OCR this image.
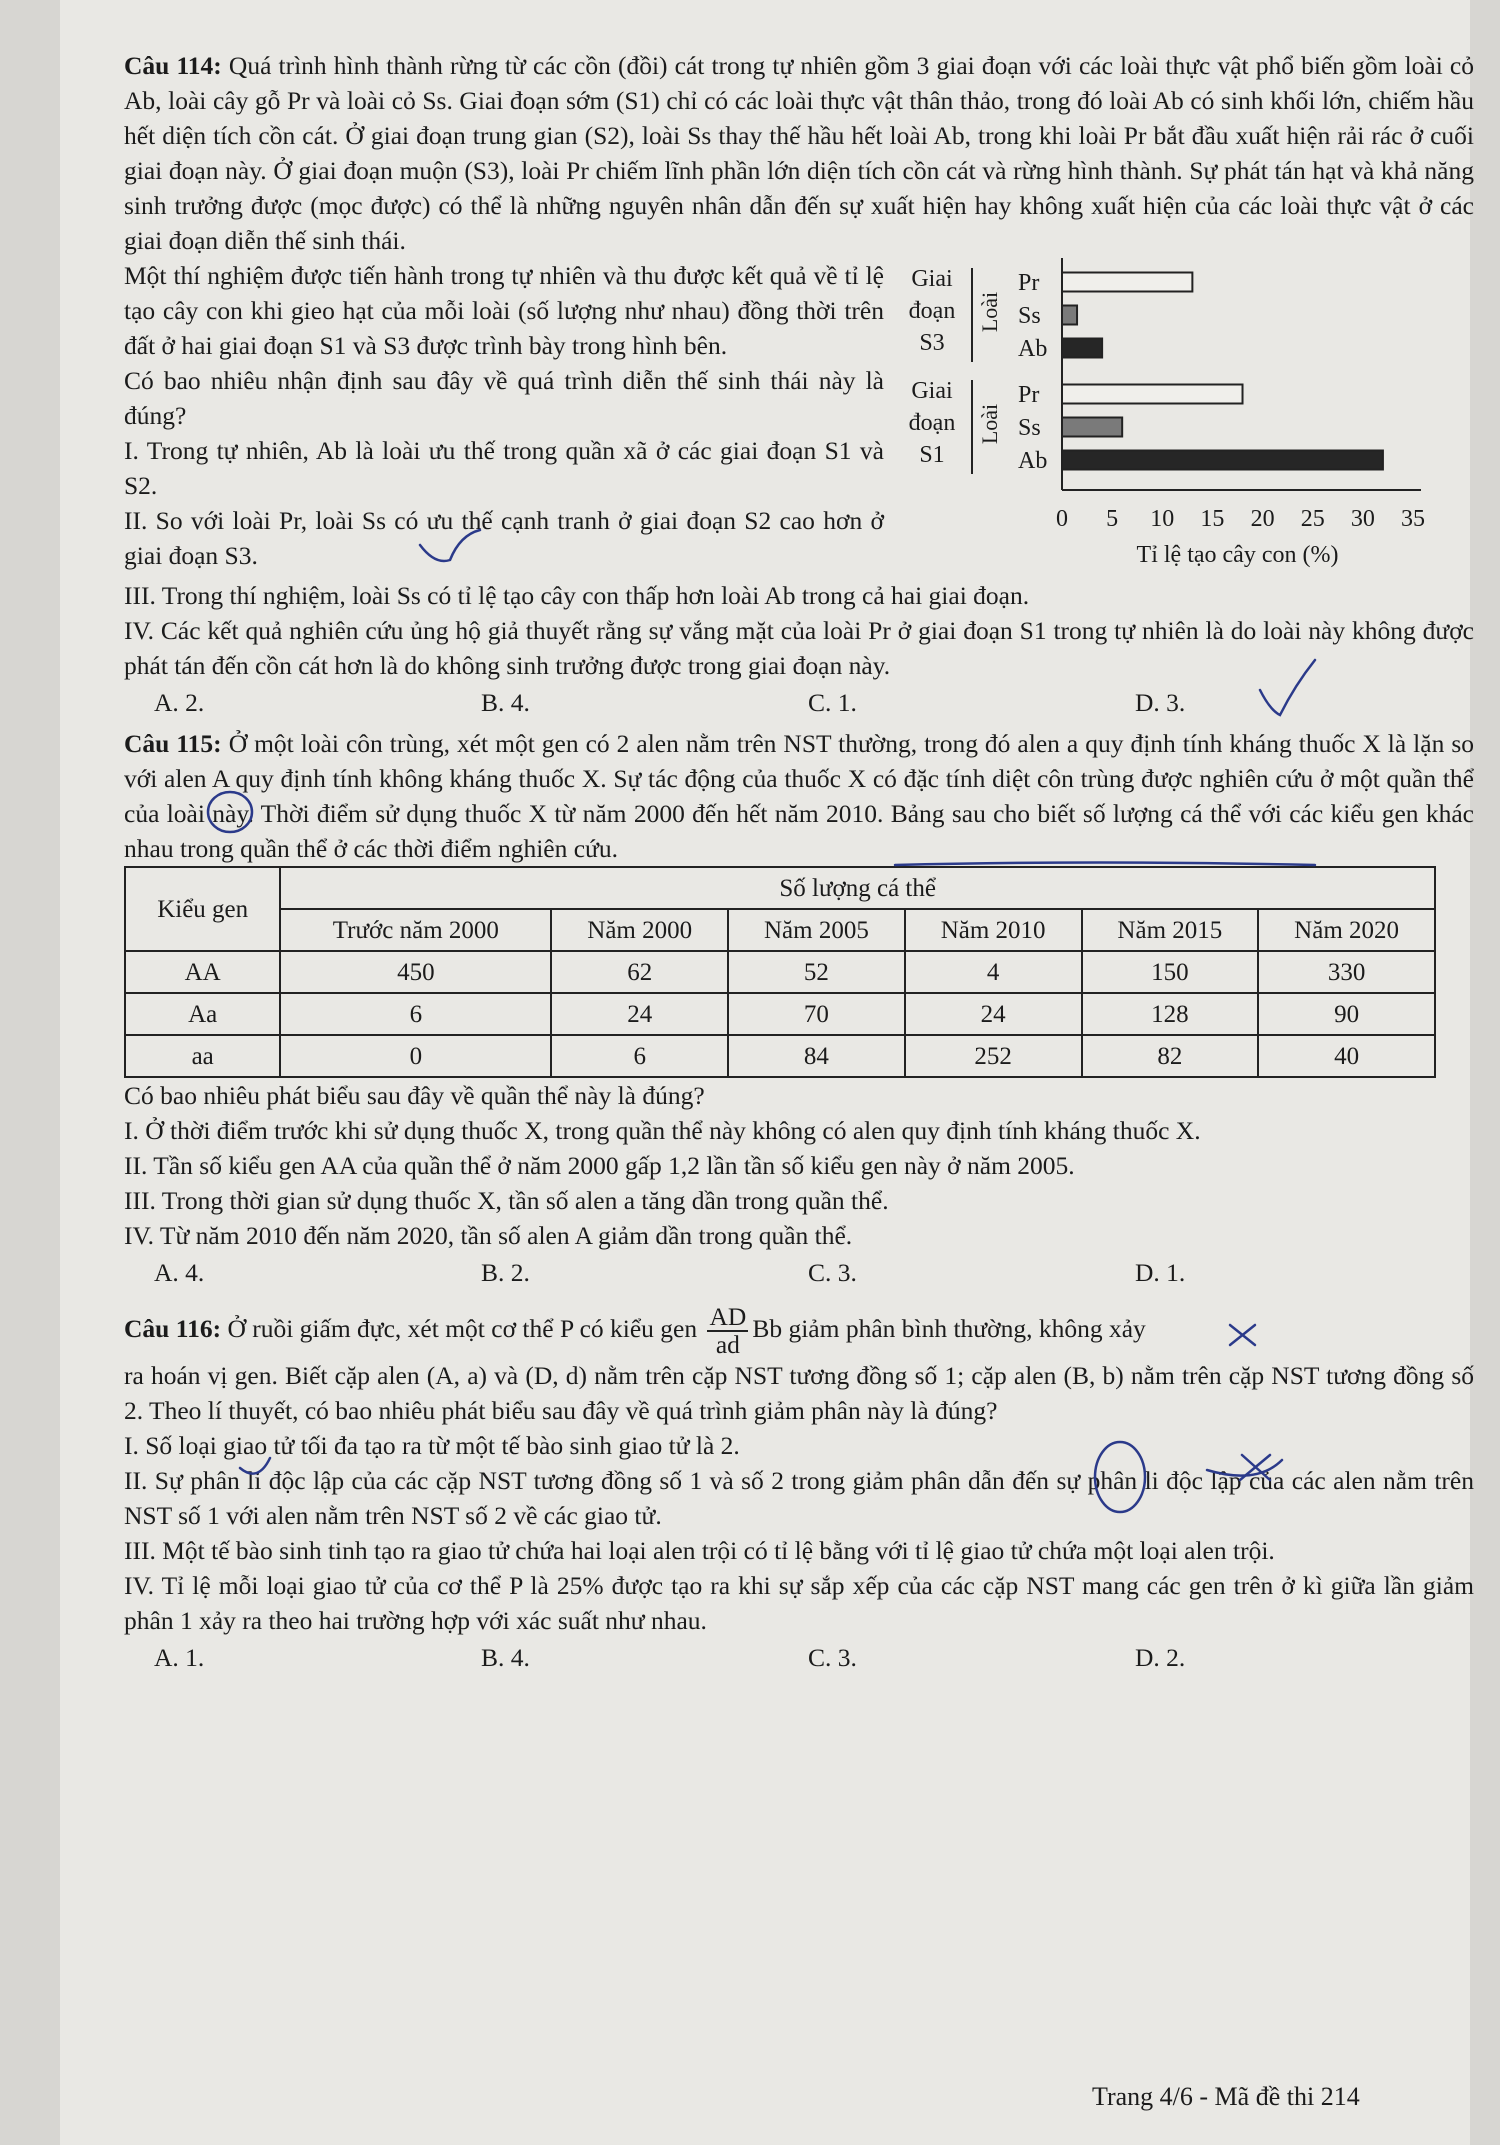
Câu 114: Quá trình hình thành rừng từ các cồn (đồi) cát trong tự nhiên gồm 3 giai đoạn với các loài thực vật phổ biến gồm loài cỏ Ab, loài cây gỗ Pr và loài cỏ Ss. Giai đoạn sớm (S1) chỉ có các loài thực vật thân thảo, trong đó loài Ab có sinh khối lớn, chiếm hầu hết diện tích cồn cát. Ở giai đoạn trung gian (S2), loài Ss thay thế hầu hết loài Ab, trong khi loài Pr bắt đầu xuất hiện rải rác ở cuối giai đoạn này. Ở giai đoạn muộn (S3), loài Pr chiếm lĩnh phần lớn diện tích cồn cát và rừng hình thành. Sự phát tán hạt và khả năng sinh trưởng được (mọc được) có thể là những nguyên nhân dẫn đến sự xuất hiện hay không xuất hiện của các loài thực vật ở các giai đoạn diễn thế sinh thái.

Một thí nghiệm được tiến hành trong tự nhiên và thu được kết quả về tỉ lệ tạo cây con khi gieo hạt của mỗi loài (số lượng như nhau) đồng thời trên đất ở hai giai đoạn S1 và S3 được trình bày trong hình bên.

Có bao nhiêu nhận định sau đây về quá trình diễn thế sinh thái này là đúng?

I. Trong tự nhiên, Ab là loài ưu thế trong quần xã ở các giai đoạn S1 và S2.

II. So với loài Pr, loài Ss có ưu thế cạnh tranh ở giai đoạn S2 cao hơn ở giai đoạn S3.

Giai
đoạn
S3
Loài
Pr
Ss
Ab
Giai
đoạn
S1
Loài
Pr
Ss
Ab
0 5 10 15 20 25 30 35
Tỉ lệ tạo cây con (%)

III. Trong thí nghiệm, loài Ss có tỉ lệ tạo cây con thấp hơn loài Ab trong cả hai giai đoạn.

IV. Các kết quả nghiên cứu ủng hộ giả thuyết rằng sự vắng mặt của loài Pr ở giai đoạn S1 trong tự nhiên là do loài này không được phát tán đến cồn cát hơn là do không sinh trưởng được trong giai đoạn này.

A. 2.	B. 4.	C. 1.	D. 3.

Câu 115: Ở một loài côn trùng, xét một gen có 2 alen nằm trên NST thường, trong đó alen a quy định tính kháng thuốc X là lặn so với alen A quy định tính không kháng thuốc X. Sự tác động của thuốc X có đặc tính diệt côn trùng được nghiên cứu ở một quần thể của loài này. Thời điểm sử dụng thuốc X từ năm 2000 đến hết năm 2010. Bảng sau cho biết số lượng cá thể với các kiểu gen khác nhau trong quần thể ở các thời điểm nghiên cứu.

Kiểu gen	Số lượng cá thể					
	Trước năm 2000	Năm 2000	Năm 2005	Năm 2010	Năm 2015	Năm 2020
AA	450	62	52	4	150	330
Aa	6	24	70	24	128	90
aa	0	6	84	252	82	40

Có bao nhiêu phát biểu sau đây về quần thể này là đúng?

I. Ở thời điểm trước khi sử dụng thuốc X, trong quần thể này không có alen quy định tính kháng thuốc X.

II. Tần số kiểu gen AA của quần thể ở năm 2000 gấp 1,2 lần tần số kiểu gen này ở năm 2005.

III. Trong thời gian sử dụng thuốc X, tần số alen a tăng dần trong quần thể.

IV. Từ năm 2010 đến năm 2020, tần số alen A giảm dần trong quần thể.

A. 4.	B. 2.	C. 3.	D. 1.

Câu 116: Ở ruồi giấm đực, xét một cơ thể P có kiểu gen $\frac{AD}{ad}$ Bb giảm phân bình thường, không xảy

ra hoán vị gen. Biết cặp alen (A, a) và (D, d) nằm trên cặp NST tương đồng số 1; cặp alen (B, b) nằm trên cặp NST tương đồng số 2. Theo lí thuyết, có bao nhiêu phát biểu sau đây về quá trình giảm phân này là đúng?

I. Số loại giao tử tối đa tạo ra từ một tế bào sinh giao tử là 2.

II. Sự phân li độc lập của các cặp NST tương đồng số 1 và số 2 trong giảm phân dẫn đến sự phân li độc lập của các alen nằm trên NST số 1 với alen nằm trên NST số 2 về các giao tử.

III. Một tế bào sinh tinh tạo ra giao tử chứa hai loại alen trội có tỉ lệ bằng với tỉ lệ giao tử chứa một loại alen trội.

IV. Tỉ lệ mỗi loại giao tử của cơ thể P là 25% được tạo ra khi sự sắp xếp của các cặp NST mang các gen trên ở kì giữa lần giảm phân 1 xảy ra theo hai trường hợp với xác suất như nhau.

A. 1.	B. 4.	C. 3.	D. 2.
Trang 4/6 - Mã đề thi 214
